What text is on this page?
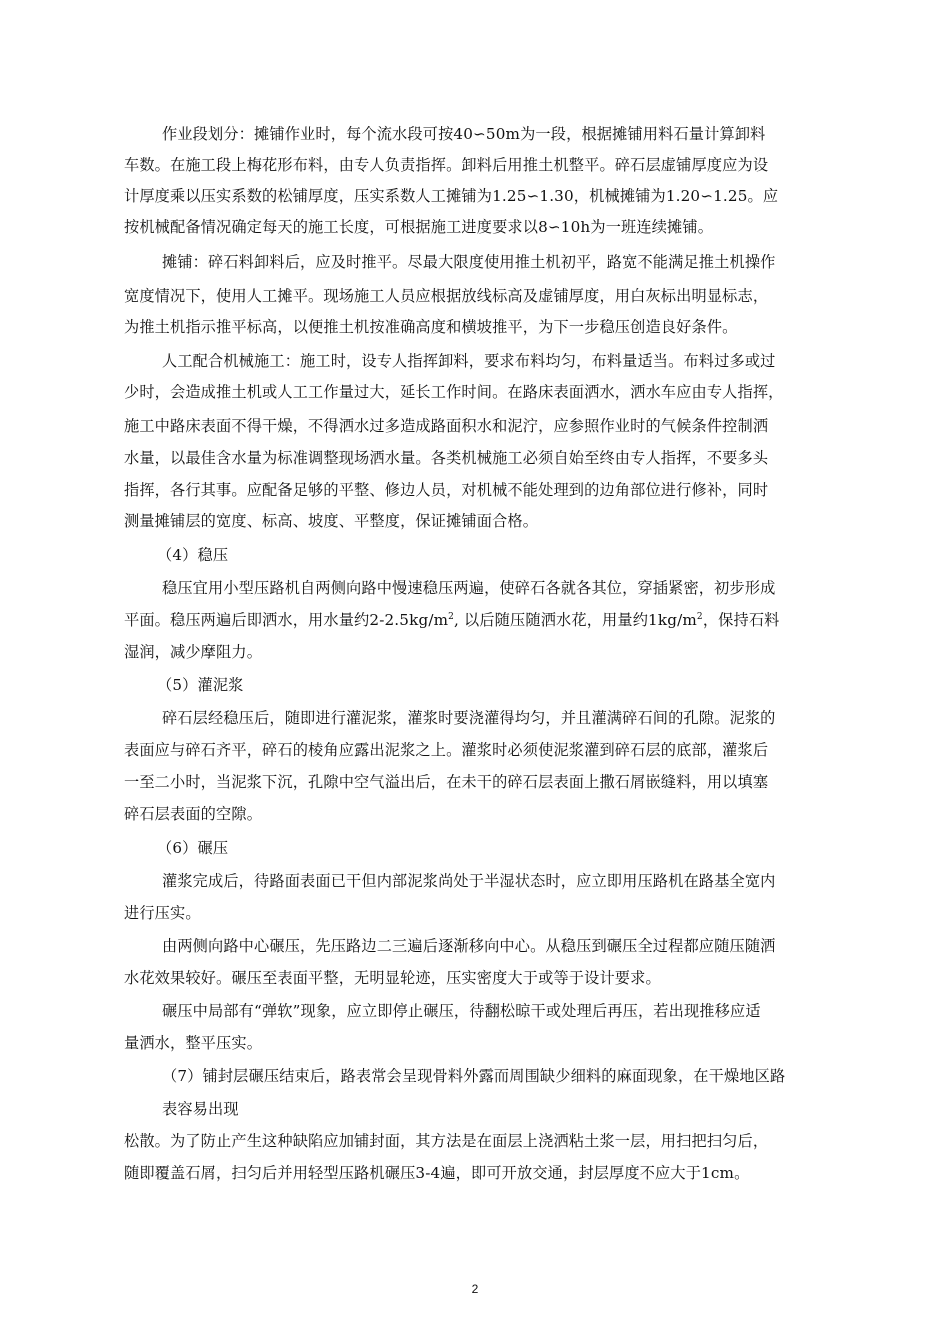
作业段划分：摊铺作业时，每个流水段可按40∽50m为一段，根据摊铺用料石量计算卸料
车数。在施工段上梅花形布料，由专人负责指挥。卸料后用推土机整平。碎石层虚铺厚度应为设
计厚度乘以压实系数的松铺厚度，压实系数人工摊铺为1.25∽1.30，机械摊铺为1.20∽1.25。应
按机械配备情况确定每天的施工长度，可根据施工进度要求以8∽10h为一班连续摊铺。
摊铺：碎石料卸料后，应及时推平。尽最大限度使用推土机初平，路宽不能满足推土机操作
宽度情况下，使用人工摊平。现场施工人员应根据放线标高及虚铺厚度，用白灰标出明显标志，
为推土机指示推平标高，以便推土机按准确高度和横坡推平，为下一步稳压创造良好条件。
人工配合机械施工：施工时，设专人指挥卸料，要求布料均匀，布料量适当。布料过多或过
少时，会造成推土机或人工工作量过大，延长工作时间。在路床表面洒水，洒水车应由专人指挥，
施工中路床表面不得干燥，不得洒水过多造成路面积水和泥泞，应参照作业时的气候条件控制洒
水量，以最佳含水量为标准调整现场洒水量。各类机械施工必须自始至终由专人指挥，不要多头
指挥，各行其事。应配备足够的平整、修边人员，对机械不能处理到的边角部位进行修补，同时
测量摊铺层的宽度、标高、坡度、平整度，保证摊铺面合格。
（4）稳压
稳压宜用小型压路机自两侧向路中慢速稳压两遍，使碎石各就各其位，穿插紧密，初步形成
平面。稳压两遍后即洒水，用水量约$2-2.5kg/m^2$, 以后随压随洒水花，用量约$1kg/m^2$，保持石料
湿润，减少摩阻力。
（5）灌泥浆
碎石层经稳压后，随即进行灌泥浆，灌浆时要浇灌得均匀，并且灌满碎石间的孔隙。泥浆的
表面应与碎石齐平，碎石的棱角应露出泥浆之上。灌浆时必须使泥浆灌到碎石层的底部，灌浆后
一至二小时，当泥浆下沉，孔隙中空气溢出后，在未干的碎石层表面上撒石屑嵌缝料，用以填塞
碎石层表面的空隙。
（6）碾压
灌浆完成后，待路面表面已干但内部泥浆尚处于半湿状态时，应立即用压路机在路基全宽内
进行压实。
由两侧向路中心碾压，先压路边二三遍后逐渐移向中心。从稳压到碾压全过程都应随压随洒
水花效果较好。碾压至表面平整，无明显轮迹，压实密度大于或等于设计要求。
碾压中局部有“弹软”现象，应立即停止碾压，待翻松晾干或处理后再压，若出现推移应适
量洒水，整平压实。
（7）铺封层碾压结束后，路表常会呈现骨料外露而周围缺少细料的麻面现象，在干燥地区路
表容易出现
松散。为了防止产生这种缺陷应加铺封面，其方法是在面层上浇洒粘土浆一层，用扫把扫匀后，
随即覆盖石屑，扫匀后并用轻型压路机碾压3-4遍，即可开放交通，封层厚度不应大于1cm。
2
